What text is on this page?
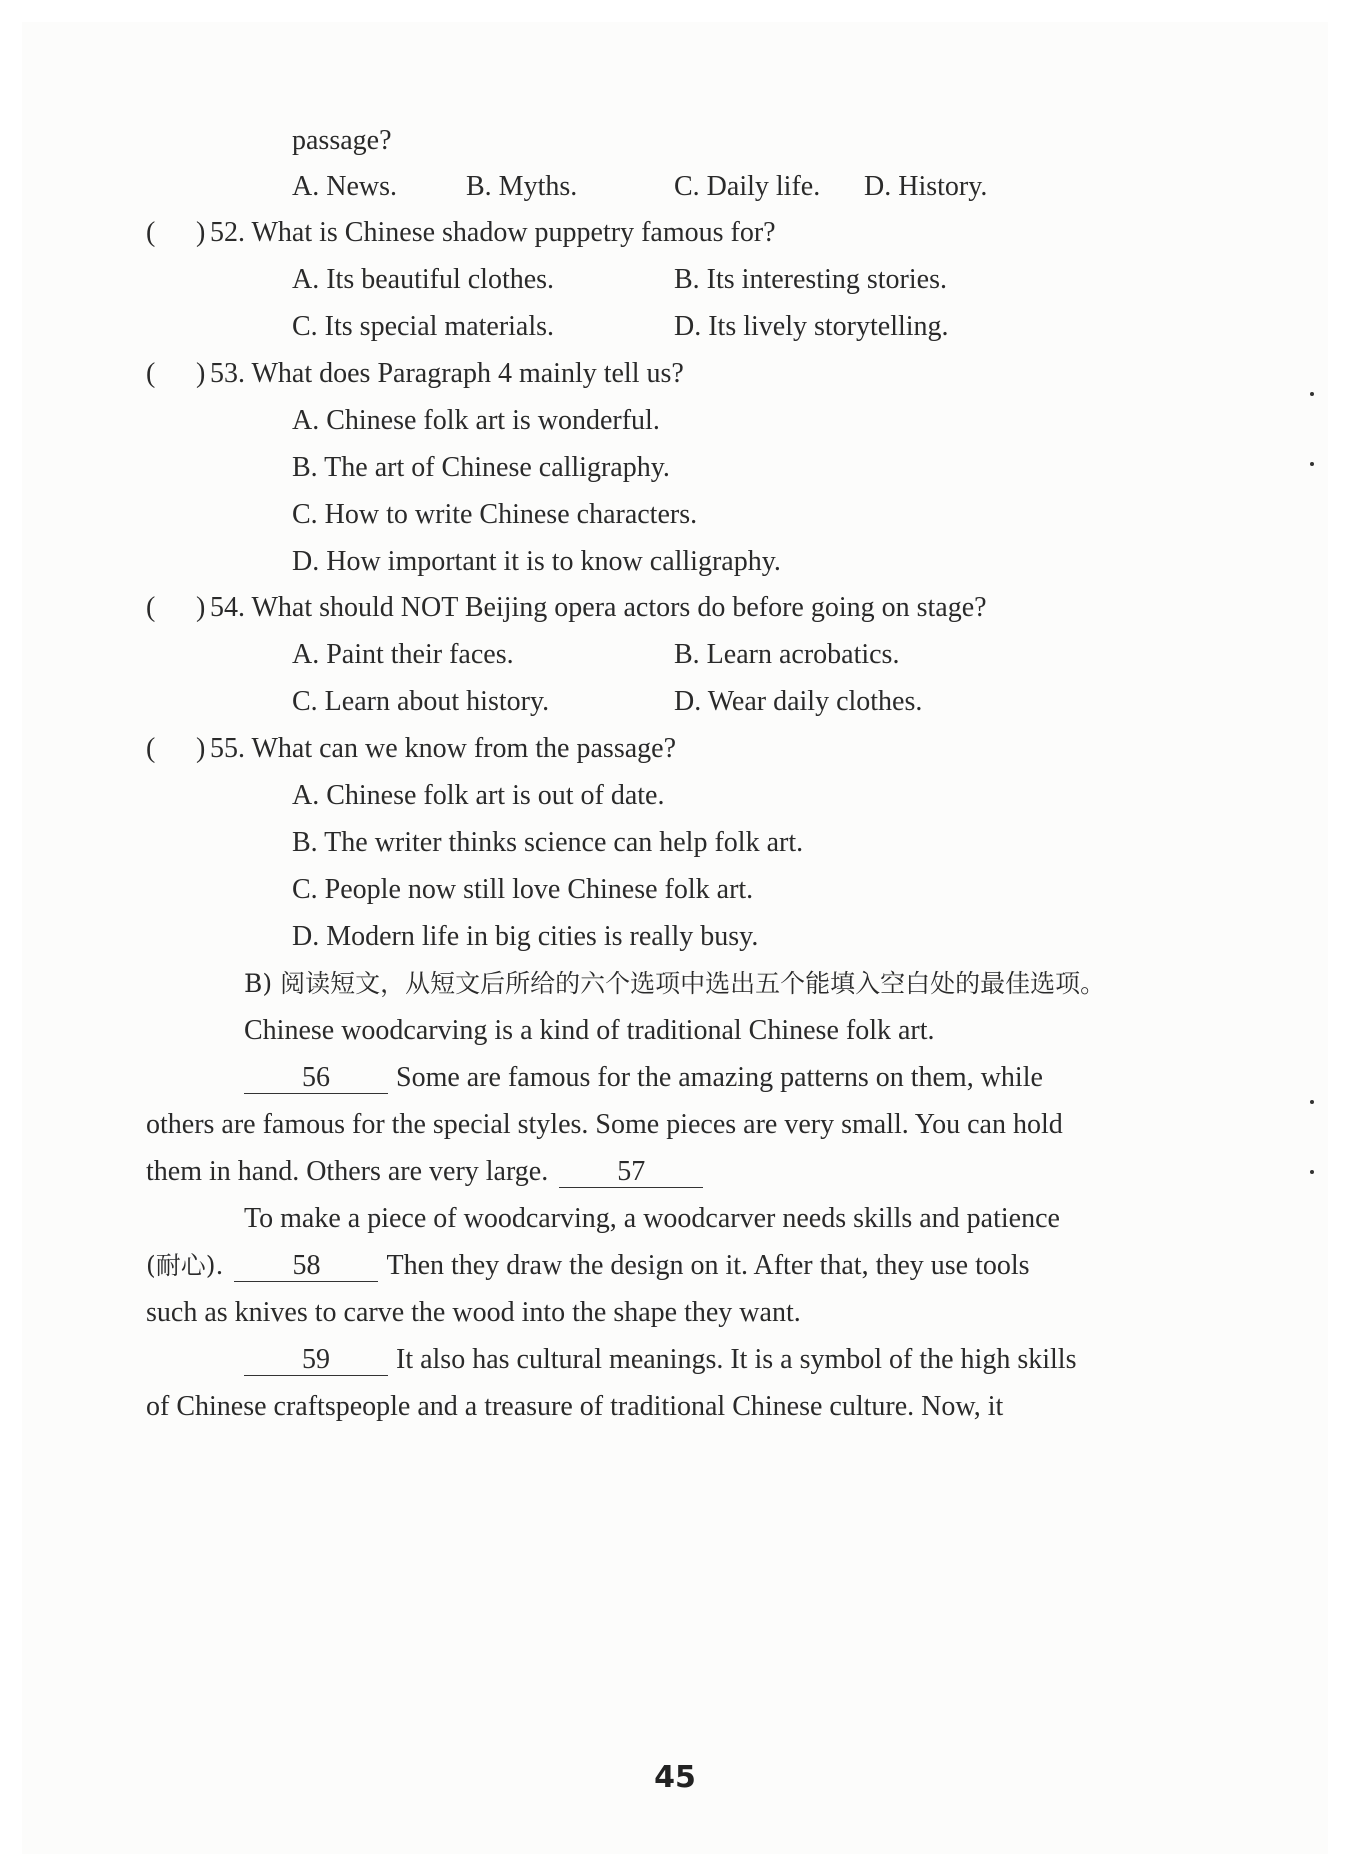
passage?
A. News. B. Myths.	C. Daily life. D. History.
( ) 52. What is Chinese shadow puppetry famous for?
A. Its beautiful clothes.	B. Its interesting stories.
C. Its special materials.	D. Its lively storytelling.
( ) 53. What does Paragraph 4 mainly tell us?
A. Chinese folk art is wonderful.
B. The art of Chinese calligraphy.
C. How to write Chinese characters.
D. How important it is to know calligraphy.
( ) 54. What should NOT Beijing opera actors do before going on stage?
A. Paint their faces.	B. Learn acrobatics.
C. Learn about history.	D. Wear daily clothes.
( ) 55. What can we know from the passage?
A. Chinese folk art is out of date.
B. The writer thinks science can help folk art.
C. People now still love Chinese folk art.
D. Modern life in big cities is really busy.
B) 阅读短文，从短文后所给的六个选项中选出五个能填入空白处的最佳选项。
Chinese woodcarving is a kind of traditional Chinese folk art.
56 Some are famous for the amazing patterns on them, while
others are famous for the special styles. Some pieces are very small. You can hold
them in hand. Others are very large. 57
To make a piece of woodcarving, a woodcarver needs skills and patience
(耐心). 58 Then they draw the design on it. After that, they use tools
such as knives to carve the wood into the shape they want.
59 It also has cultural meanings. It is a symbol of the high skills
of Chinese craftspeople and a treasure of traditional Chinese culture. Now, it
45
